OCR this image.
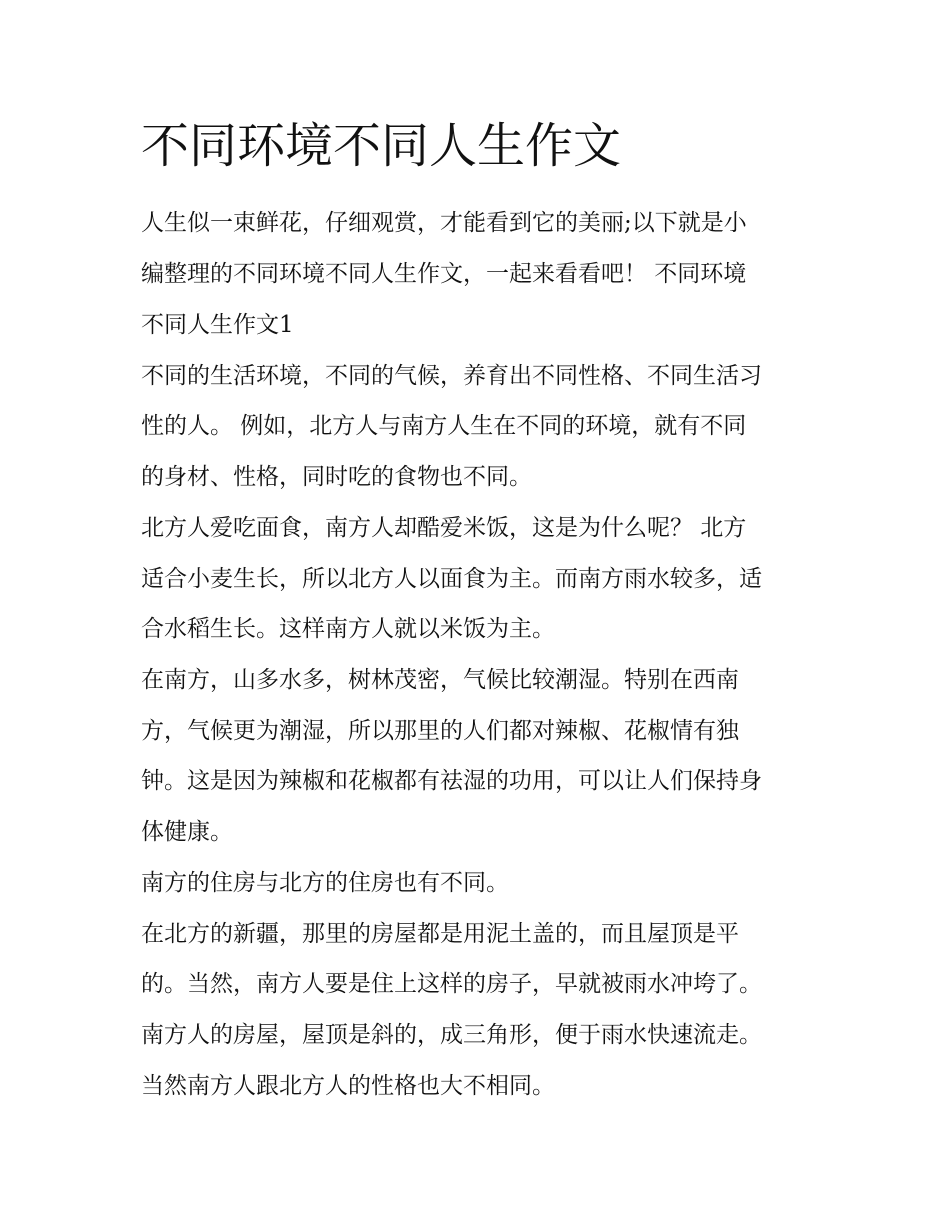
不同环境不同人生作文

人生似一束鲜花，仔细观赏，才能看到它的美丽;以下就是小

编整理的不同环境不同人生作文，一起来看看吧！ 不同环境

不同人生作文1

不同的生活环境，不同的气候，养育出不同性格、不同生活习

性的人。 例如，北方人与南方人生在不同的环境，就有不同

的身材、性格，同时吃的食物也不同。

北方人爱吃面食，南方人却酷爱米饭，这是为什么呢？ 北方

适合小麦生长，所以北方人以面食为主。而南方雨水较多，适

合水稻生长。这样南方人就以米饭为主。

在南方，山多水多，树林茂密，气候比较潮湿。特别在西南

方，气候更为潮湿，所以那里的人们都对辣椒、花椒情有独

钟。这是因为辣椒和花椒都有祛湿的功用，可以让人们保持身

体健康。

南方的住房与北方的住房也有不同。

在北方的新疆，那里的房屋都是用泥土盖的，而且屋顶是平

的。当然，南方人要是住上这样的房子，早就被雨水冲垮了。

南方人的房屋，屋顶是斜的，成三角形，便于雨水快速流走。

当然南方人跟北方人的性格也大不相同。
